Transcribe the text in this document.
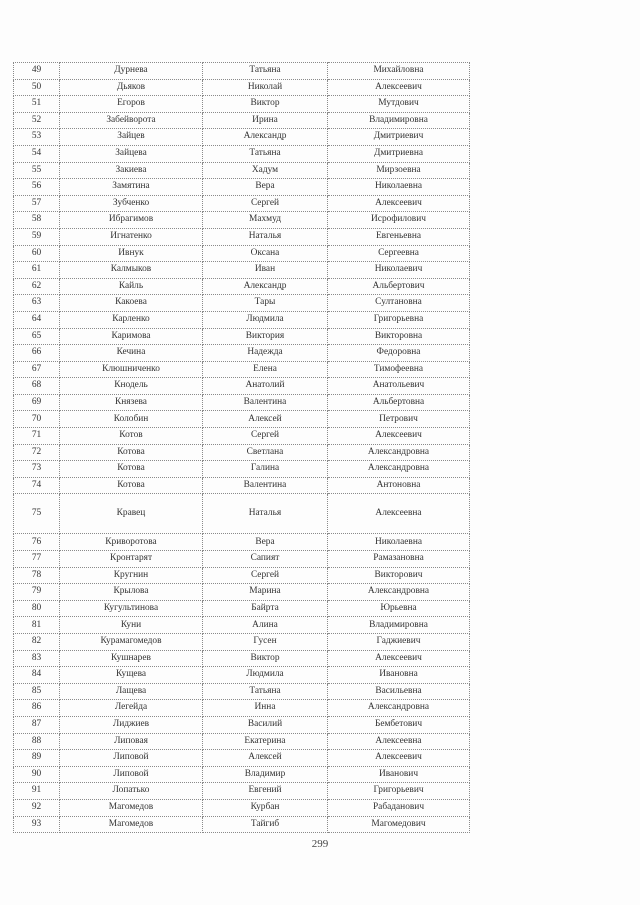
49	Дурнева	Татьяна	Михайловна
50	Дьяков	Николай	Алексеевич
51	Егоров	Виктор	Мутдович
52	Забейворота	Ирина	Владимировна
53	Зайцев	Александр	Дмитриевич
54	Зайцева	Татьяна	Дмитриевна
55	Закиева	Хадум	Мирзоевна
56	Замятина	Вера	Николаевна
57	Зубченко	Сергей	Алексеевич
58	Ибрагимов	Махмуд	Исрофилович
59	Игнатенко	Наталья	Евгеньевна
60	Ивнук	Оксана	Сергеевна
61	Калмыков	Иван	Николаевич
62	Кайль	Александр	Альбертович
63	Какоева	Тары	Султановна
64	Карленко	Людмила	Григорьевна
65	Каримова	Виктория	Викторовна
66	Кечина	Надежда	Федоровна
67	Клюшниченко	Елена	Тимофеевна
68	Кнодель	Анатолий	Анатольевич
69	Князева	Валентина	Альбертовна
70	Колобин	Алексей	Петрович
71	Котов	Сергей	Алексеевич
72	Котова	Светлана	Александровна
73	Котова	Галина	Александровна
74	Котова	Валентина	Антоновна
75	Кравец	Наталья	Алексеевна
76	Криворотова	Вера	Николаевна
77	Кронтарят	Сапият	Рамазановна
78	Кругнин	Сергей	Викторович
79	Крылова	Марина	Александровна
80	Кугультинова	Байрта	Юрьевна
81	Куни	Алина	Владимировна
82	Курамагомедов	Гусен	Гаджиевич
83	Кушнарев	Виктор	Алексеевич
84	Кущева	Людмила	Ивановна
85	Лащева	Татьяна	Васильевна
86	Легейда	Инна	Александровна
87	Лиджиев	Василий	Бембетович
88	Липовая	Екатерина	Алексеевна
89	Липовой	Алексей	Алексеевич
90	Липовой	Владимир	Иванович
91	Лопатько	Евгений	Григорьевич
92	Магомедов	Курбан	Рабаданович
93	Магомедов	Тайгиб	Магомедович
299
